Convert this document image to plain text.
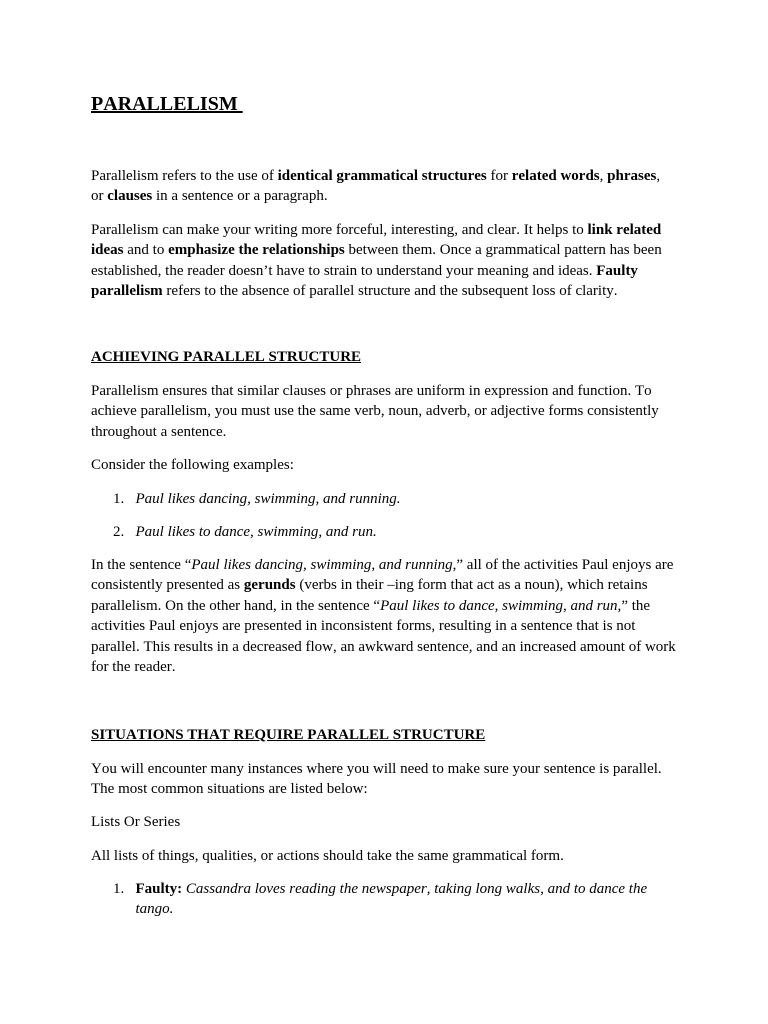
PARALLELISM

Parallelism refers to the use of identical grammatical structures for related words, phrases,
or clauses in a sentence or a paragraph.

Parallelism can make your writing more forceful, interesting, and clear. It helps to link related
ideas and to emphasize the relationships between them. Once a grammatical pattern has been
established, the reader doesn’t have to strain to understand your meaning and ideas. Faulty
parallelism refers to the absence of parallel structure and the subsequent loss of clarity.

ACHIEVING PARALLEL STRUCTURE

Parallelism ensures that similar clauses or phrases are uniform in expression and function. To
achieve parallelism, you must use the same verb, noun, adverb, or adjective forms consistently
throughout a sentence.

Consider the following examples:

1. Paul likes dancing, swimming, and running.

2. Paul likes to dance, swimming, and run.

In the sentence “Paul likes dancing, swimming, and running,” all of the activities Paul enjoys are
consistently presented as gerunds (verbs in their –ing form that act as a noun), which retains
parallelism. On the other hand, in the sentence “Paul likes to dance, swimming, and run,” the
activities Paul enjoys are presented in inconsistent forms, resulting in a sentence that is not
parallel. This results in a decreased flow, an awkward sentence, and an increased amount of work
for the reader.

SITUATIONS THAT REQUIRE PARALLEL STRUCTURE

You will encounter many instances where you will need to make sure your sentence is parallel.
The most common situations are listed below:

Lists Or Series

All lists of things, qualities, or actions should take the same grammatical form.

1. Faulty: Cassandra loves reading the newspaper, taking long walks, and to dance the
tango.
